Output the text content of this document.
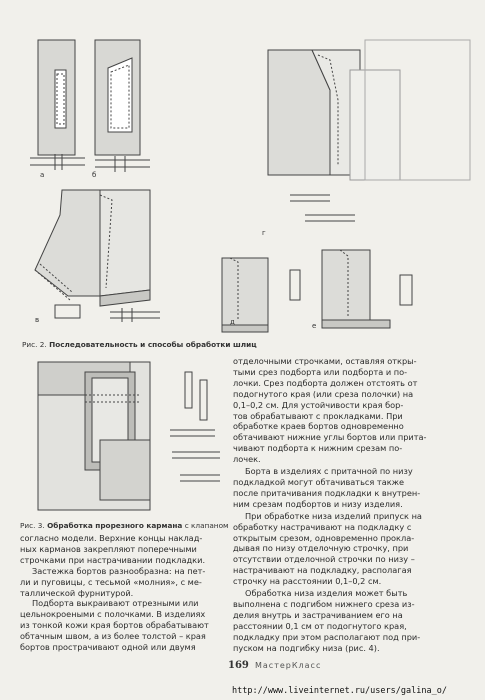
а	б
в
г
д	е
Рис. 2. Последовательность и способы обработки шлиц
Рис. 3. Обработка прорезного кармана с клапаном

согласно модели. Верхние концы наклад-

ных карманов закрепляют поперечными

строчками при настрачивании подкладки.

Застежка бортов разнообразна: на пет-

ли и пуговицы, с тесьмой «молния», с ме-

таллической фурнитурой.

Подборта выкраивают отрезными или

цельнокроеными с полочками. В изделиях

из тонкой кожи края бортов обрабатывают

обтачным швом, а из более толстой – края

бортов прострачивают одной или двумя

отделочными строчками, оставляя откры-

тыми срез подборта или подборта и по-

лочки. Срез подборта должен отстоять от

подогнутого края (или среза полочки) на

0,1–0,2 см. Для устойчивости края бор-

тов обрабатывают с прокладками. При

обработке краев бортов одновременно

обтачивают нижние углы бортов или прита-

чивают подборта к нижним срезам по-

лочек.

Борта в изделиях с притачной по низу

подкладкой могут обтачиваться также

после притачивания подкладки к внутрен-

ним срезам подбортов и низу изделия.

При обработке низа изделий припуск на

обработку настрачивают на подкладку с

открытым срезом, одновременно прокла-

дывая по низу отделочную строчку, при

отсутствии отделочной строчки по низу –

настрачивают на подкладку, располагая

строчку на расстоянии 0,1–0,2 см.

Обработка низа изделия может быть

выполнена с подгибом нижнего среза из-

делия внутрь и застрачиванием его на

расстоянии 0,1 см от подогнутого края,

подкладку при этом располагают под при-

пуском на подгибку низа (рис. 4).

169 МастерКласс
http://www.liveinternet.ru/users/galina_o/
